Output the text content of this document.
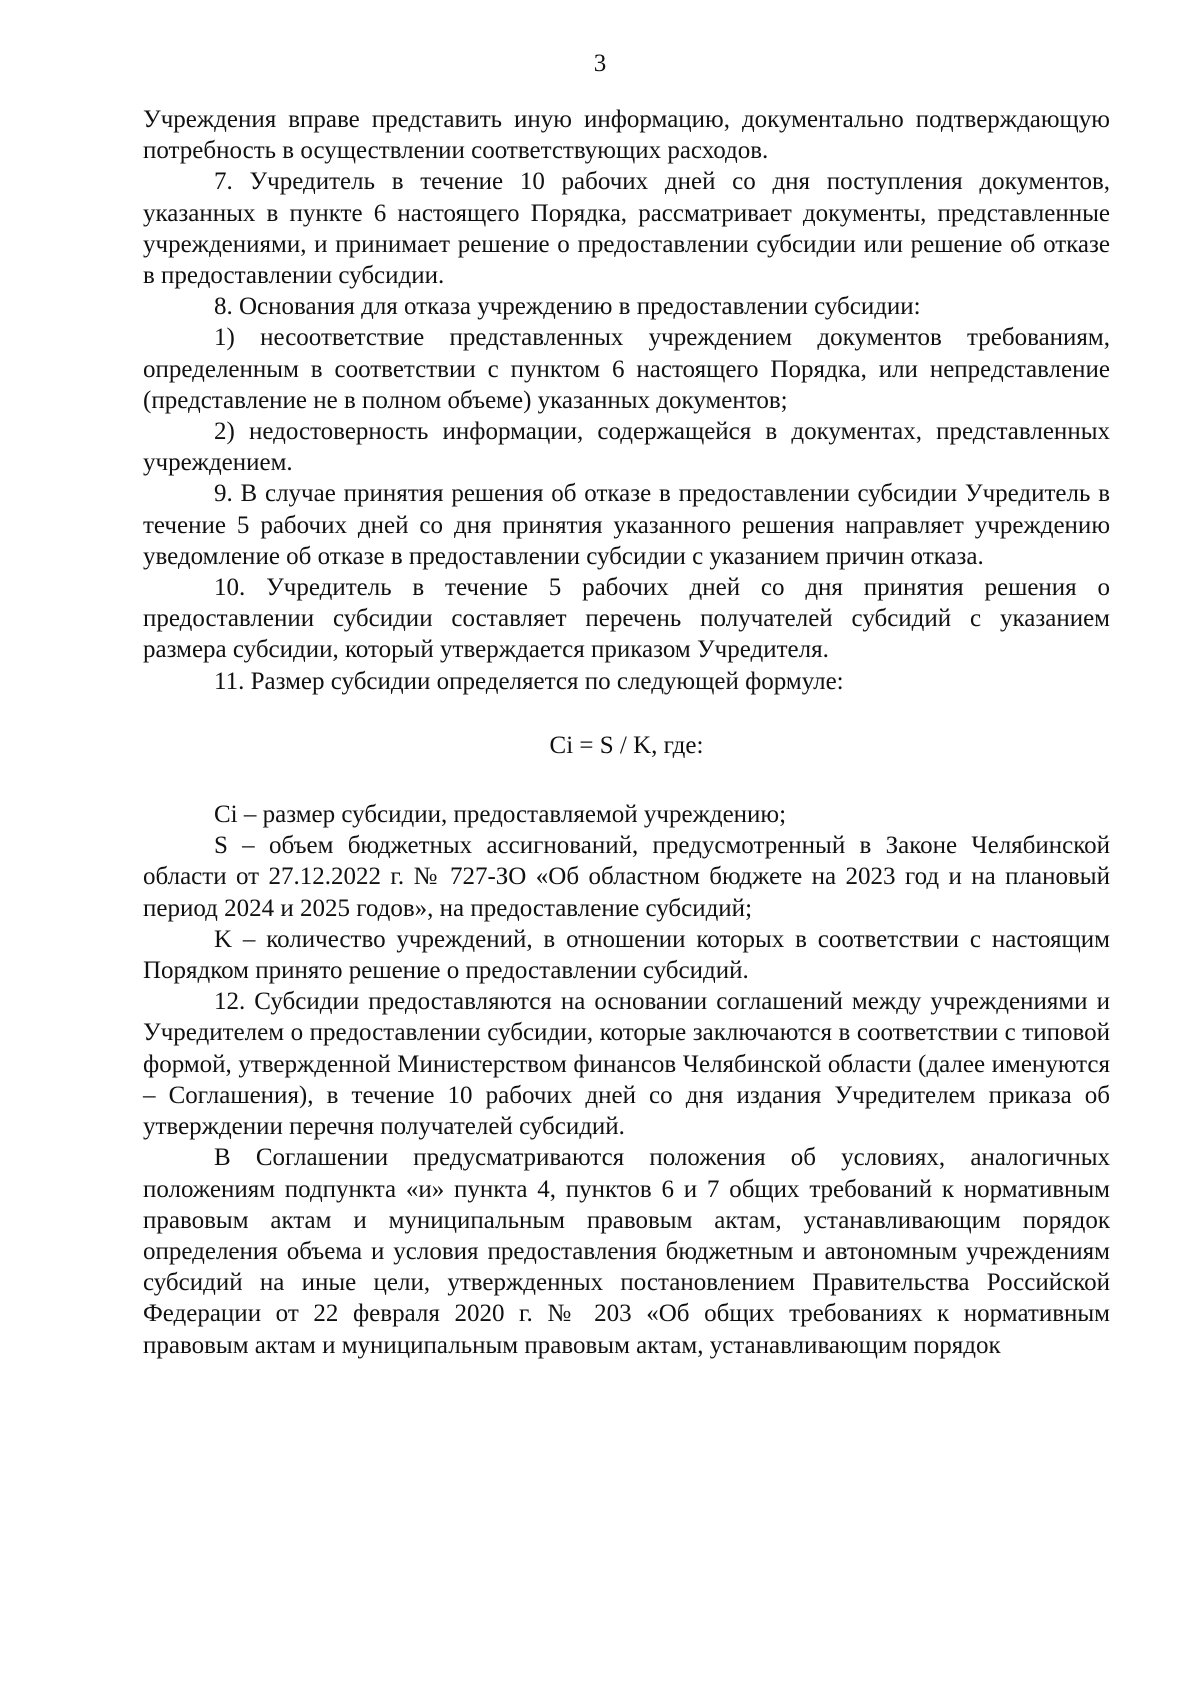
3

Учреждения вправе представить иную информацию, документально подтверждающую потребность в осуществлении соответствующих расходов.

7. Учредитель в течение 10 рабочих дней со дня поступления документов, указанных в пункте 6 настоящего Порядка, рассматривает документы, представленные учреждениями, и принимает решение о предоставлении субсидии или решение об отказе в предоставлении субсидии.

8. Основания для отказа учреждению в предоставлении субсидии:

1) несоответствие представленных учреждением документов требованиям, определенным в соответствии с пунктом 6 настоящего Порядка, или непредставление (представление не в полном объеме) указанных документов;

2) недостоверность информации, содержащейся в документах, представленных учреждением.

9. В случае принятия решения об отказе в предоставлении субсидии Учредитель в течение 5 рабочих дней со дня принятия указанного решения направляет учреждению уведомление об отказе в предоставлении субсидии с указанием причин отказа.

10. Учредитель в течение 5 рабочих дней со дня принятия решения о предоставлении субсидии составляет перечень получателей субсидий с указанием размера субсидии, который утверждается приказом Учредителя.

11. Размер субсидии определяется по следующей формуле:

Ci = S / K, где:

Ci – размер субсидии, предоставляемой учреждению;

S – объем бюджетных ассигнований, предусмотренный в Законе Челябинской области от 27.12.2022 г. № 727-ЗО «Об областном бюджете на 2023 год и на плановый период 2024 и 2025 годов», на предоставление субсидий;

K – количество учреждений, в отношении которых в соответствии с настоящим Порядком принято решение о предоставлении субсидий.

12. Субсидии предоставляются на основании соглашений между учреждениями и Учредителем о предоставлении субсидии, которые заключаются в соответствии с типовой формой, утвержденной Министерством финансов Челябинской области (далее именуются – Соглашения), в течение 10 рабочих дней со дня издания Учредителем приказа об утверждении перечня получателей субсидий.

В Соглашении предусматриваются положения об условиях, аналогичных положениям подпункта «и» пункта 4, пунктов 6 и 7 общих требований к нормативным правовым актам и муниципальным правовым актам, устанавливающим порядок определения объема и условия предоставления бюджетным и автономным учреждениям субсидий на иные цели, утвержденных постановлением Правительства Российской Федерации от 22 февраля 2020 г. № 203 «Об общих требованиях к нормативным правовым актам и муниципальным правовым актам, устанавливающим порядок
